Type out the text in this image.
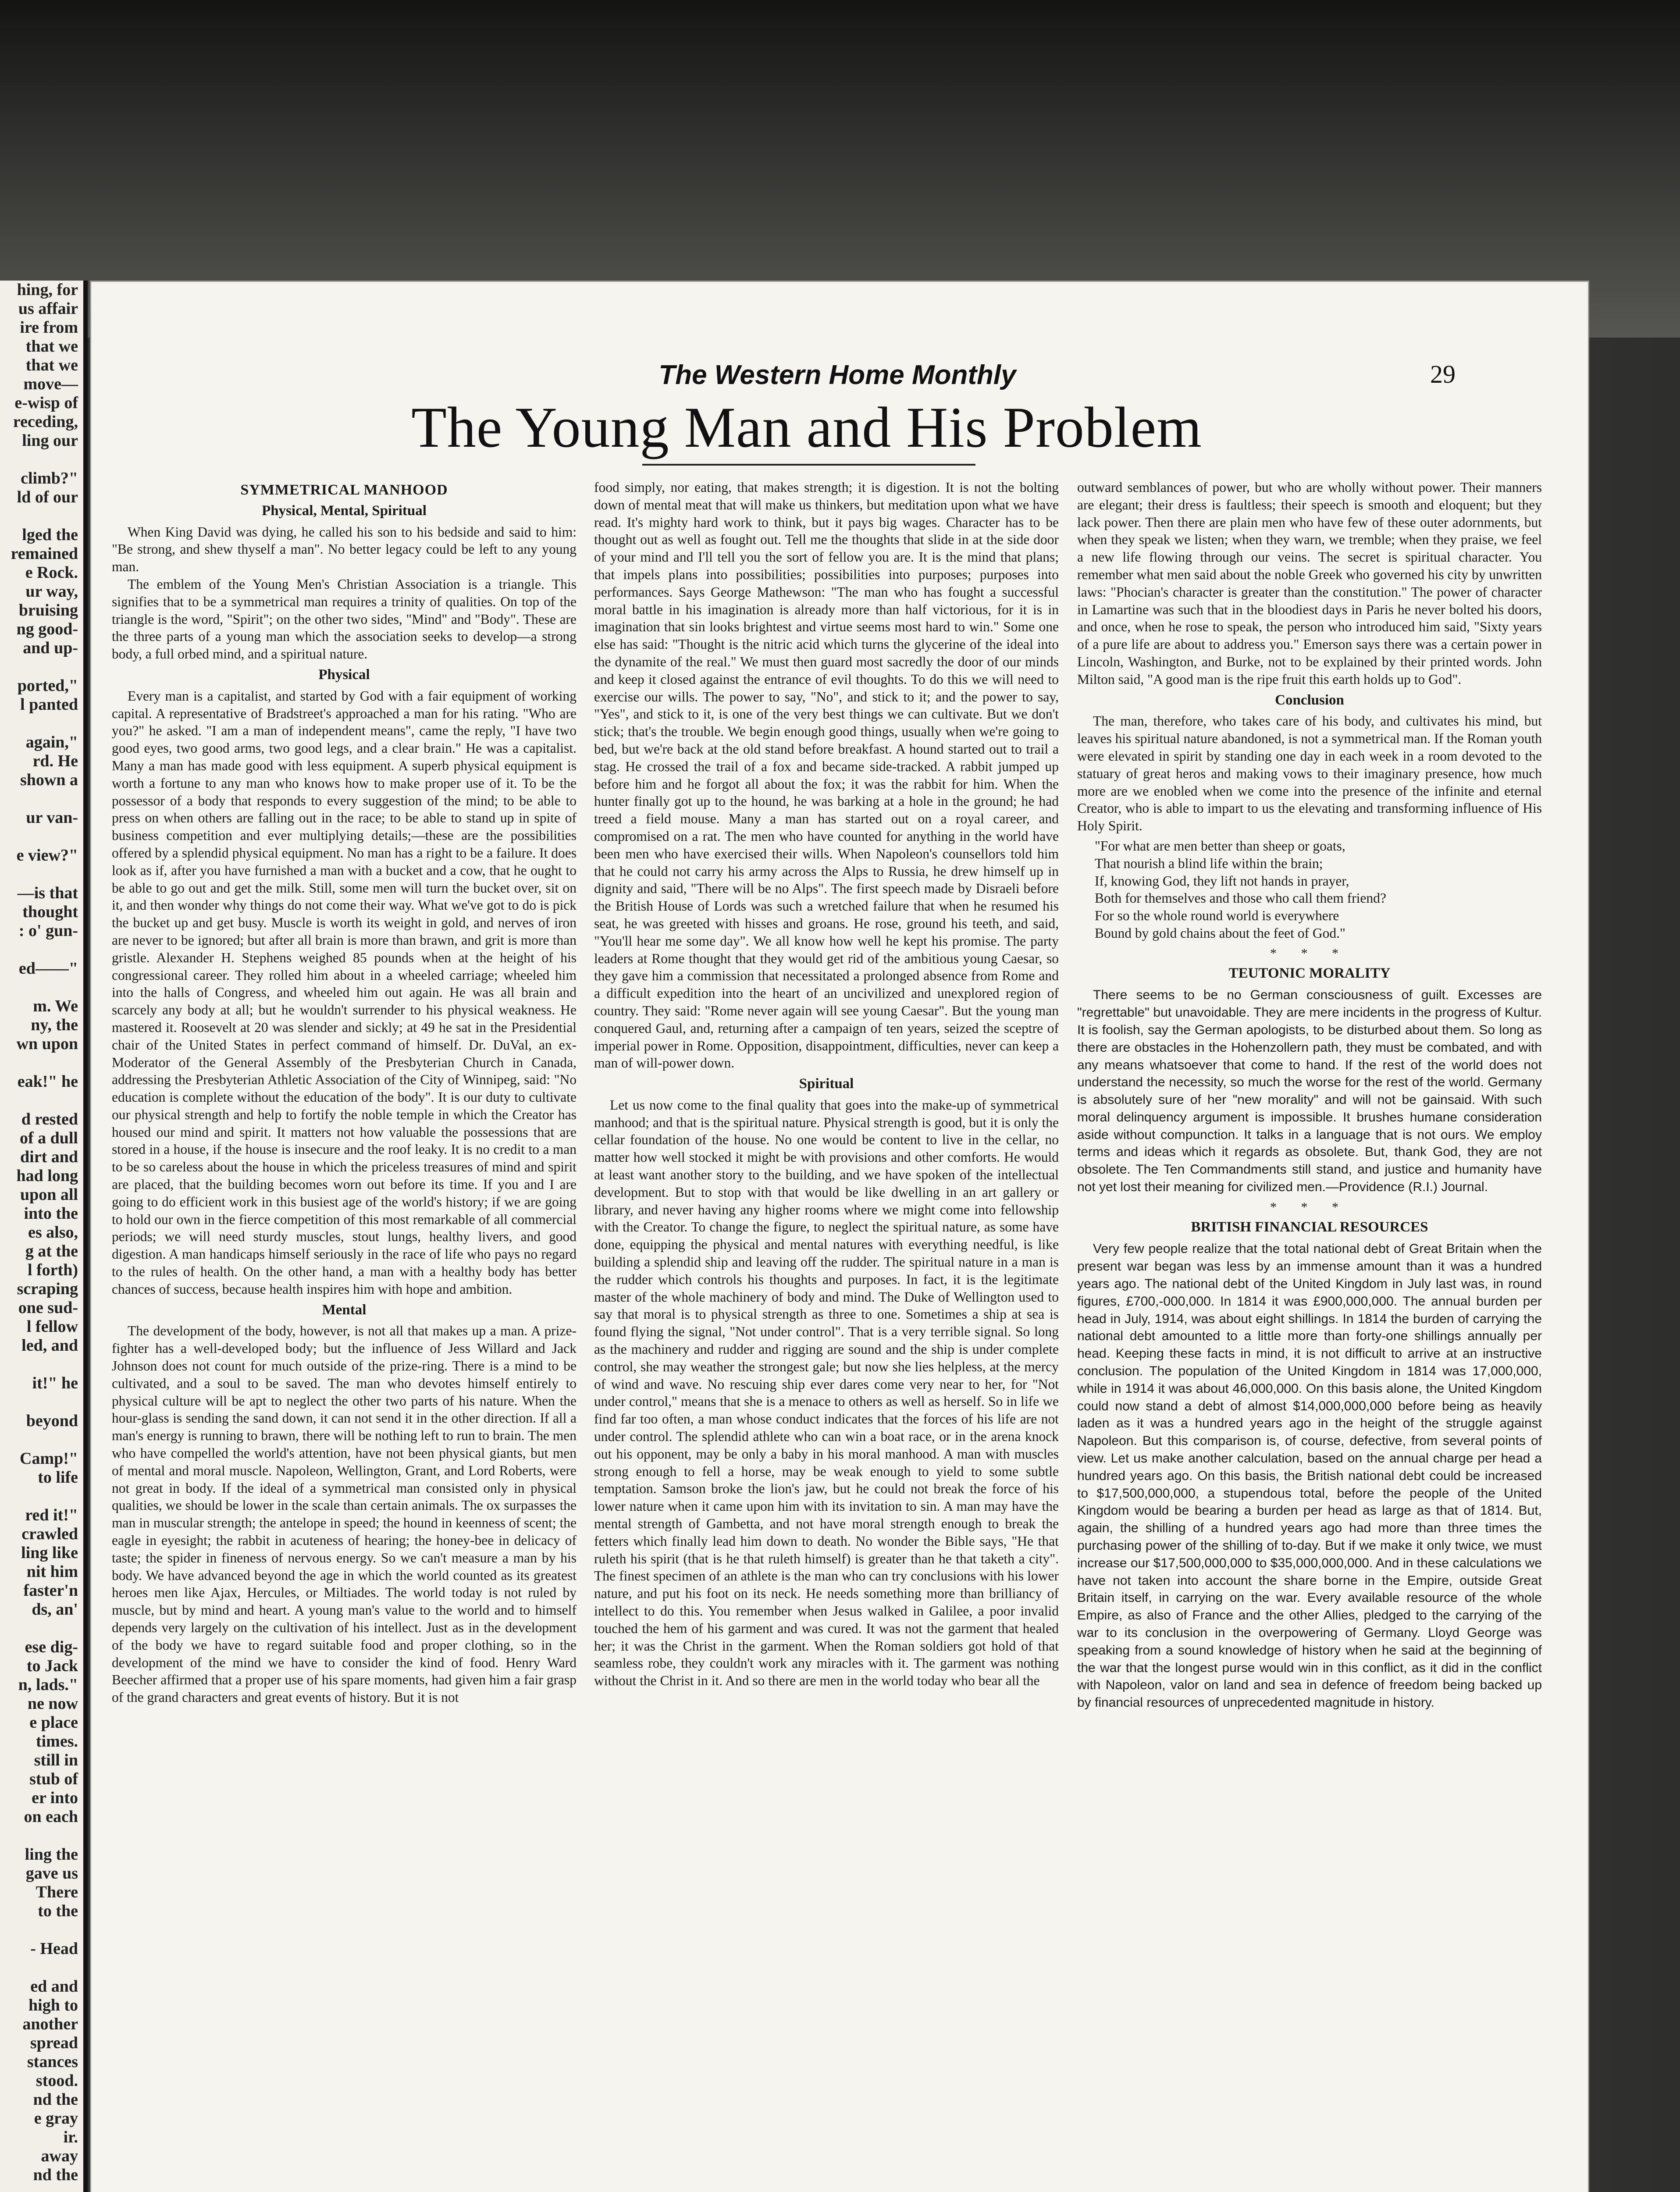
hing, for
us affair
ire from
that we
that we
move—
e-wisp of
receding,
ling our

climb?"
ld of our

lged the
remained
e Rock.
ur way,
bruising
ng good-
and up-

ported,"
l panted

again,"
rd. He
shown a

ur van-

e view?"

—is that
thought
: o' gun-

ed——"

m. We
ny, the
wn upon

eak!" he

d rested
of a dull
dirt and
had long
upon all
into the
es also,
g at the
l forth)
scraping
one sud-
l fellow
led, and

it!" he

beyond

Camp!"
to life

red it!"
crawled
ling like
nit him
faster'n
ds, an'

ese dig-
to Jack
n, lads."
ne now
e place
times.
still in
stub of
er into
on each

ling the
gave us
There
to the

- Head

ed and
high to
another
spread
stances
stood.
nd the
e gray
ir.
away
nd the

The Western Home Monthly	29
The Young Man and His Problem
SYMMETRICAL MANHOOD
Physical, Mental, Spiritual

When King David was dying, he called his son to his bedside and said to him: "Be strong, and shew thyself a man". No better legacy could be left to any young man.

The emblem of the Young Men's Christian Association is a triangle. This signifies that to be a symmetrical man requires a trinity of qualities. On top of the triangle is the word, "Spirit"; on the other two sides, "Mind" and "Body". These are the three parts of a young man which the association seeks to develop—a strong body, a full orbed mind, and a spiritual nature.

Physical

Every man is a capitalist, and started by God with a fair equipment of working capital. A representative of Bradstreet's approached a man for his rating. "Who are you?" he asked. "I am a man of independent means", came the reply, "I have two good eyes, two good arms, two good legs, and a clear brain." He was a capitalist. Many a man has made good with less equipment. A superb physical equipment is worth a fortune to any man who knows how to make proper use of it. To be the possessor of a body that responds to every suggestion of the mind; to be able to press on when others are falling out in the race; to be able to stand up in spite of business competition and ever multiplying details;—these are the possibilities offered by a splendid physical equipment. No man has a right to be a failure. It does look as if, after you have furnished a man with a bucket and a cow, that he ought to be able to go out and get the milk. Still, some men will turn the bucket over, sit on it, and then wonder why things do not come their way. What we've got to do is pick the bucket up and get busy. Muscle is worth its weight in gold, and nerves of iron are never to be ignored; but after all brain is more than brawn, and grit is more than gristle. Alexander H. Stephens weighed 85 pounds when at the height of his congressional career. They rolled him about in a wheeled carriage; wheeled him into the halls of Congress, and wheeled him out again. He was all brain and scarcely any body at all; but he wouldn't surrender to his physical weakness. He mastered it. Roosevelt at 20 was slender and sickly; at 49 he sat in the Presidential chair of the United States in perfect command of himself. Dr. DuVal, an ex-Moderator of the General Assembly of the Presbyterian Church in Canada, addressing the Presbyterian Athletic Association of the City of Winnipeg, said: "No education is complete without the education of the body". It is our duty to cultivate our physical strength and help to fortify the noble temple in which the Creator has housed our mind and spirit. It matters not how valuable the possessions that are stored in a house, if the house is insecure and the roof leaky. It is no credit to a man to be so careless about the house in which the priceless treasures of mind and spirit are placed, that the building becomes worn out before its time. If you and I are going to do efficient work in this busiest age of the world's history; if we are going to hold our own in the fierce competition of this most remarkable of all commercial periods; we will need sturdy muscles, stout lungs, healthy livers, and good digestion. A man handicaps himself seriously in the race of life who pays no regard to the rules of health. On the other hand, a man with a healthy body has better chances of success, because health inspires him with hope and ambition.

Mental

The development of the body, however, is not all that makes up a man. A prize-fighter has a well-developed body; but the influence of Jess Willard and Jack Johnson does not count for much outside of the prize-ring. There is a mind to be cultivated, and a soul to be saved. The man who devotes himself entirely to physical culture will be apt to neglect the other two parts of his nature. When the hour-glass is sending the sand down, it can not send it in the other direction. If all a man's energy is running to brawn, there will be nothing left to run to brain. The men who have compelled the world's attention, have not been physical giants, but men of mental and moral muscle. Napoleon, Wellington, Grant, and Lord Roberts, were not great in body. If the ideal of a symmetrical man consisted only in physical qualities, we should be lower in the scale than certain animals. The ox surpasses the man in muscular strength; the antelope in speed; the hound in keenness of scent; the eagle in eyesight; the rabbit in acuteness of hearing; the honey-bee in delicacy of taste; the spider in fineness of nervous energy. So we can't measure a man by his body. We have advanced beyond the age in which the world counted as its greatest heroes men like Ajax, Hercules, or Miltiades. The world today is not ruled by muscle, but by mind and heart. A young man's value to the world and to himself depends very largely on the cultivation of his intellect. Just as in the development of the body we have to regard suitable food and proper clothing, so in the development of the mind we have to consider the kind of food. Henry Ward Beecher affirmed that a proper use of his spare moments, had given him a fair grasp of the grand characters and great events of history. But it is not

food simply, nor eating, that makes strength; it is digestion. It is not the bolting down of mental meat that will make us thinkers, but meditation upon what we have read. It's mighty hard work to think, but it pays big wages. Character has to be thought out as well as fought out. Tell me the thoughts that slide in at the side door of your mind and I'll tell you the sort of fellow you are. It is the mind that plans; that impels plans into possibilities; possibilities into purposes; purposes into performances. Says George Mathewson: "The man who has fought a successful moral battle in his imagination is already more than half victorious, for it is in imagination that sin looks brightest and virtue seems most hard to win." Some one else has said: "Thought is the nitric acid which turns the glycerine of the ideal into the dynamite of the real." We must then guard most sacredly the door of our minds and keep it closed against the entrance of evil thoughts. To do this we will need to exercise our wills. The power to say, "No", and stick to it; and the power to say, "Yes", and stick to it, is one of the very best things we can cultivate. But we don't stick; that's the trouble. We begin enough good things, usually when we're going to bed, but we're back at the old stand before breakfast. A hound started out to trail a stag. He crossed the trail of a fox and became side-tracked. A rabbit jumped up before him and he forgot all about the fox; it was the rabbit for him. When the hunter finally got up to the hound, he was barking at a hole in the ground; he had treed a field mouse. Many a man has started out on a royal career, and compromised on a rat. The men who have counted for anything in the world have been men who have exercised their wills. When Napoleon's counsellors told him that he could not carry his army across the Alps to Russia, he drew himself up in dignity and said, "There will be no Alps". The first speech made by Disraeli before the British House of Lords was such a wretched failure that when he resumed his seat, he was greeted with hisses and groans. He rose, ground his teeth, and said, "You'll hear me some day". We all know how well he kept his promise. The party leaders at Rome thought that they would get rid of the ambitious young Caesar, so they gave him a commission that necessitated a prolonged absence from Rome and a difficult expedition into the heart of an uncivilized and unexplored region of country. They said: "Rome never again will see young Caesar". But the young man conquered Gaul, and, returning after a campaign of ten years, seized the sceptre of imperial power in Rome. Opposition, disappointment, difficulties, never can keep a man of will-power down.

Spiritual

Let us now come to the final quality that goes into the make-up of symmetrical manhood; and that is the spiritual nature. Physical strength is good, but it is only the cellar foundation of the house. No one would be content to live in the cellar, no matter how well stocked it might be with provisions and other comforts. He would at least want another story to the building, and we have spoken of the intellectual development. But to stop with that would be like dwelling in an art gallery or library, and never having any higher rooms where we might come into fellowship with the Creator. To change the figure, to neglect the spiritual nature, as some have done, equipping the physical and mental natures with everything needful, is like building a splendid ship and leaving off the rudder. The spiritual nature in a man is the rudder which controls his thoughts and purposes. In fact, it is the legitimate master of the whole machinery of body and mind. The Duke of Wellington used to say that moral is to physical strength as three to one. Sometimes a ship at sea is found flying the signal, "Not under control". That is a very terrible signal. So long as the machinery and rudder and rigging are sound and the ship is under complete control, she may weather the strongest gale; but now she lies helpless, at the mercy of wind and wave. No rescuing ship ever dares come very near to her, for "Not under control," means that she is a menace to others as well as herself. So in life we find far too often, a man whose conduct indicates that the forces of his life are not under control. The splendid athlete who can win a boat race, or in the arena knock out his opponent, may be only a baby in his moral manhood. A man with muscles strong enough to fell a horse, may be weak enough to yield to some subtle temptation. Samson broke the lion's jaw, but he could not break the force of his lower nature when it came upon him with its invitation to sin. A man may have the mental strength of Gambetta, and not have moral strength enough to break the fetters which finally lead him down to death. No wonder the Bible says, "He that ruleth his spirit (that is he that ruleth himself) is greater than he that taketh a city". The finest specimen of an athlete is the man who can try conclusions with his lower nature, and put his foot on its neck. He needs something more than brilliancy of intellect to do this. You remember when Jesus walked in Galilee, a poor invalid touched the hem of his garment and was cured. It was not the garment that healed her; it was the Christ in the garment. When the Roman soldiers got hold of that seamless robe, they couldn't work any miracles with it. The garment was nothing without the Christ in it. And so there are men in the world today who bear all the

outward semblances of power, but who are wholly without power. Their manners are elegant; their dress is faultless; their speech is smooth and eloquent; but they lack power. Then there are plain men who have few of these outer adornments, but when they speak we listen; when they warn, we tremble; when they praise, we feel a new life flowing through our veins. The secret is spiritual character. You remember what men said about the noble Greek who governed his city by unwritten laws: "Phocian's character is greater than the constitution." The power of character in Lamartine was such that in the bloodiest days in Paris he never bolted his doors, and once, when he rose to speak, the person who introduced him said, "Sixty years of a pure life are about to address you." Emerson says there was a certain power in Lincoln, Washington, and Burke, not to be explained by their printed words. John Milton said, "A good man is the ripe fruit this earth holds up to God".

Conclusion

The man, therefore, who takes care of his body, and cultivates his mind, but leaves his spiritual nature abandoned, is not a symmetrical man. If the Roman youth were elevated in spirit by standing one day in each week in a room devoted to the statuary of great heros and making vows to their imaginary presence, how much more are we enobled when we come into the presence of the infinite and eternal Creator, who is able to impart to us the elevating and transforming influence of His Holy Spirit.

"For what are men better than sheep or goats,
That nourish a blind life within the brain;
If, knowing God, they lift not hands in prayer,
Both for themselves and those who call them friend?
For so the whole round world is everywhere
Bound by gold chains about the feet of God."
* * *
TEUTONIC MORALITY

There seems to be no German consciousness of guilt. Excesses are "regrettable" but unavoidable. They are mere incidents in the progress of Kultur. It is foolish, say the German apologists, to be disturbed about them. So long as there are obstacles in the Hohenzollern path, they must be combated, and with any means whatsoever that come to hand. If the rest of the world does not understand the necessity, so much the worse for the rest of the world. Germany is absolutely sure of her "new morality" and will not be gainsaid. With such moral delinquency argument is impossible. It brushes humane consideration aside without compunction. It talks in a language that is not ours. We employ terms and ideas which it regards as obsolete. But, thank God, they are not obsolete. The Ten Commandments still stand, and justice and humanity have not yet lost their meaning for civilized men.—Providence (R.I.) Journal.

* * *
BRITISH FINANCIAL RESOURCES

Very few people realize that the total national debt of Great Britain when the present war began was less by an immense amount than it was a hundred years ago. The national debt of the United Kingdom in July last was, in round figures, £700,-000,000. In 1814 it was £900,000,000. The annual burden per head in July, 1914, was about eight shillings. In 1814 the burden of carrying the national debt amounted to a little more than forty-one shillings annually per head. Keeping these facts in mind, it is not difficult to arrive at an instructive conclusion. The population of the United Kingdom in 1814 was 17,000,000, while in 1914 it was about 46,000,000. On this basis alone, the United Kingdom could now stand a debt of almost $14,000,000,000 before being as heavily laden as it was a hundred years ago in the height of the struggle against Napoleon. But this comparison is, of course, defective, from several points of view. Let us make another calculation, based on the annual charge per head a hundred years ago. On this basis, the British national debt could be increased to $17,500,000,000, a stupendous total, before the people of the United Kingdom would be bearing a burden per head as large as that of 1814. But, again, the shilling of a hundred years ago had more than three times the purchasing power of the shilling of to-day. But if we make it only twice, we must increase our $17,500,000,000 to $35,000,000,000. And in these calculations we have not taken into account the share borne in the Empire, outside Great Britain itself, in carrying on the war. Every available resource of the whole Empire, as also of France and the other Allies, pledged to the carrying of the war to its conclusion in the overpowering of Germany. Lloyd George was speaking from a sound knowledge of history when he said at the beginning of the war that the longest purse would win in this conflict, as it did in the conflict with Napoleon, valor on land and sea in defence of freedom being backed up by financial resources of unprecedented magnitude in history.
